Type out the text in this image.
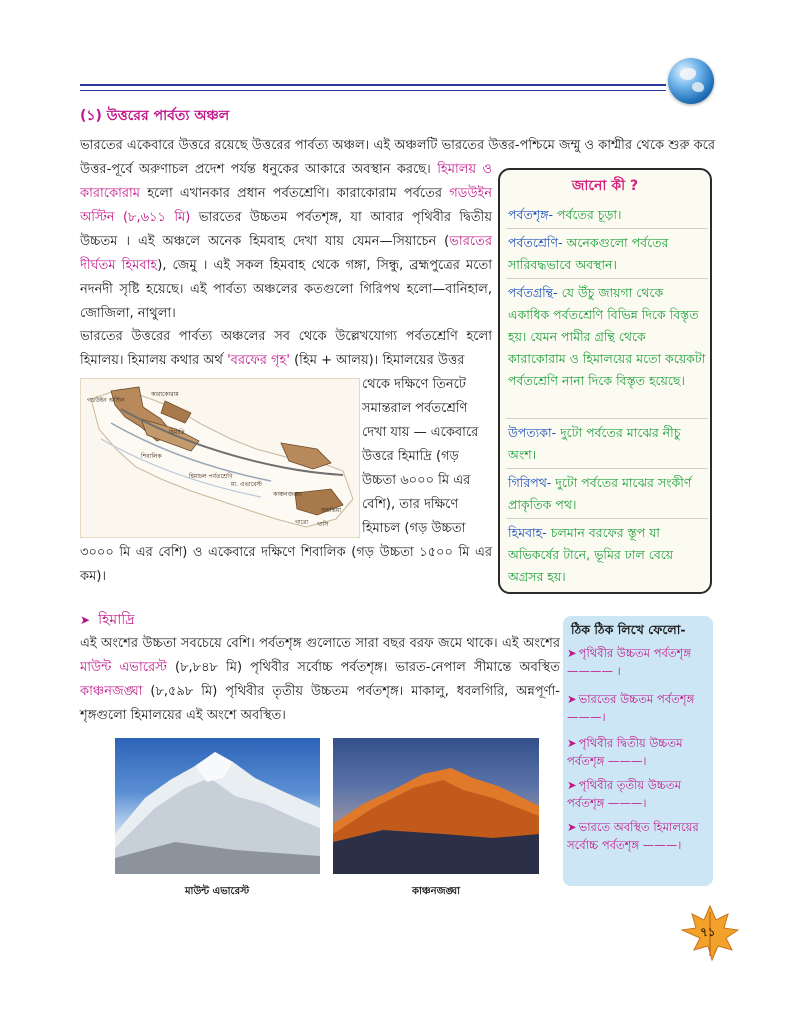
(১) উত্তরের পার্বত্য অঞ্চল

ভারতের একেবারে উত্তরে রয়েছে উত্তরের পার্বত্য অঞ্চল। এই অঞ্চলটি ভারতের উত্তর-পশ্চিমে জম্মু ও কাশ্মীর থেকে শুরু করে

উত্তর-পূর্বে অরুণাচল প্রদেশ পর্যন্ত ধনুকের আকারে অবস্থান করছে। হিমালয় ও কারাকোরাম হলো এখানকার প্রধান পর্বতশ্রেণি। কারাকোরাম পর্বতের গডউইন অস্টিন (৮,৬১১ মি) ভারতের উচ্চতম পর্বতশৃঙ্গ, যা আবার পৃথিবীর দ্বিতীয় উচ্চতম । এই অঞ্চলে অনেক হিমবাহ দেখা যায় যেমন—সিয়াচেন (ভারতের দীর্ঘতম হিমবাহ), জেমু । এই সকল হিমবাহ থেকে গঙ্গা, সিন্ধু, ব্রহ্মপুত্রের মতো নদনদী সৃষ্টি হয়েছে। এই পার্বত্য অঞ্চলের কতগুলো গিরিপথ হলো—বানিহাল, জোজিলা, নাথুলা।

ভারতের উত্তরের পার্বত্য অঞ্চলের সব থেকে উল্লেখযোগ্য পর্বতশ্রেণি হলো হিমালয়। হিমালয় কথার অর্থ 'বরফের গৃহ' (হিম + আলয়)। হিমালয়ের উত্তর

থেকে দক্ষিণে তিনটে সমান্তরাল পর্বতশ্রেণি দেখা যায় — একেবারে উত্তরে হিমাদ্রি (গড় উচ্চতা ৬০০০ মি এর বেশি), তার দক্ষিণে হিমাচল (গড় উচ্চতা

৩০০০ মি এর বেশি) ও একেবারে দক্ষিণে শিবালিক (গড় উচ্চতা ১৫০০ মি এর কম)।

গডউইন অস্টিন
কারাকোরাম
হিমাদ্রি
শিবালিক
হিমাচল পর্বতশ্রেণি
মা. এভারেস্ট
কাঞ্চনজঙ্ঘা
গারো খাসি
জয়ন্তিয়া
জানো কী ?
পর্বতশৃঙ্গ- পর্বতের চূড়া।
পর্বতশ্রেণি- অনেকগুলো পর্বতের সারিবদ্ধভাবে অবস্থান।
পর্বতগ্রন্থি- যে উঁচু জায়গা থেকে একাধিক পর্বতশ্রেণি বিভিন্ন দিকে বিস্তৃত হয়। যেমন পামীর গ্রন্থি থেকে কারাকোরাম ও হিমালয়ের মতো কয়েকটা পর্বতশ্রেণি নানা দিকে বিস্তৃত হয়েছে।
উপত্যকা- দুটো পর্বতের মাঝের নীচু অংশ।
গিরিপথ- দুটো পর্বতের মাঝের সংকীর্ণ প্রাকৃতিক পথ।
হিমবাহ- চলমান বরফের স্তূপ যা অভিকর্ষের টানে, ভূমির ঢাল বেয়ে অগ্রসর হয়।
➤ হিমাদ্রি

এই অংশের উচ্চতা সবচেয়ে বেশি। পর্বতশৃঙ্গ গুলোতে সারা বছর বরফ জমে থাকে। এই অংশের মাউন্ট এভারেস্ট (৮,৮৪৮ মি) পৃথিবীর সর্বোচ্চ পর্বতশৃঙ্গ। ভারত-নেপাল সীমান্তে অবস্থিত কাঞ্চনজঙ্ঘা (৮,৫৯৮ মি) পৃথিবীর তৃতীয় উচ্চতম পর্বতশৃঙ্গ। মাকালু, ধবলগিরি, অন্নপূর্ণা-শৃঙ্গগুলো হিমালয়ের এই অংশে অবস্থিত।

মাউন্ট এভারেস্ট	কাঞ্চনজঙ্ঘা
ঠিক ঠিক লিখে ফেলো-
➤ পৃথিবীর উচ্চতম পর্বতশৃঙ্গ ———— ।
➤ ভারতের উচ্চতম পর্বতশৃঙ্গ ———।
➤ পৃথিবীর দ্বিতীয় উচ্চতম পর্বতশৃঙ্গ ———।
➤ পৃথিবীর তৃতীয় উচ্চতম পর্বতশৃঙ্গ ———।
➤ ভারতে অবস্থিত হিমালয়ের সর্বোচ্চ পর্বতশৃঙ্গ ———।
৭১
